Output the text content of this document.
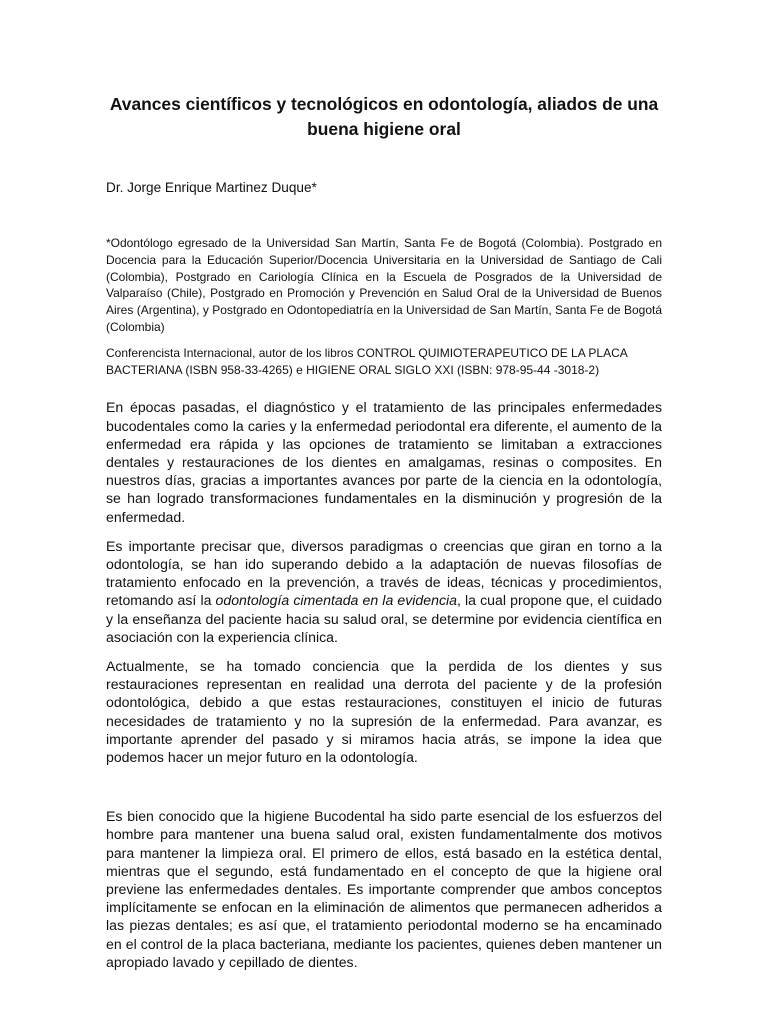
Avances científicos y tecnológicos en odontología, aliados de una buena higiene oral

Dr. Jorge Enrique Martinez Duque*

*Odontólogo egresado de la Universidad San Martín, Santa Fe de Bogotá (Colombia). Postgrado en Docencia para la Educación Superior/Docencia Universitaria en la Universidad de Santiago de Cali (Colombia), Postgrado en Cariología Clínica en la Escuela de Posgrados de la Universidad de Valparaíso (Chile), Postgrado en Promoción y Prevención en Salud Oral de la Universidad de Buenos Aires (Argentina), y Postgrado en Odontopediatría en la Universidad de San Martín, Santa Fe de Bogotá (Colombia)

Conferencista Internacional, autor de los libros CONTROL QUIMIOTERAPEUTICO DE LA PLACA BACTERIANA (ISBN 958-33-4265) e HIGIENE ORAL SIGLO XXI (ISBN: 978-95-44 -3018-2)

En épocas pasadas, el diagnóstico y el tratamiento de las principales enfermedades bucodentales como la caries y la enfermedad periodontal era diferente, el aumento de la enfermedad era rápida y las opciones de tratamiento se limitaban a extracciones dentales y restauraciones de los dientes en amalgamas, resinas o composites. En nuestros días, gracias a importantes avances por parte de la ciencia en la odontología, se han logrado transformaciones fundamentales en la disminución y progresión de la enfermedad.

Es importante precisar que, diversos paradigmas o creencias que giran en torno a la odontología, se han ido superando debido a la adaptación de nuevas filosofías de tratamiento enfocado en la prevención, a través de ideas, técnicas y procedimientos, retomando así la odontología cimentada en la evidencia, la cual propone que, el cuidado y la enseñanza del paciente hacia su salud oral, se determine por evidencia científica en asociación con la experiencia clínica.

Actualmente, se ha tomado conciencia que la perdida de los dientes y sus restauraciones representan en realidad una derrota del paciente y de la profesión odontológica, debido a que estas restauraciones, constituyen el inicio de futuras necesidades de tratamiento y no la supresión de la enfermedad. Para avanzar, es importante aprender del pasado y si miramos hacia atrás, se impone la idea que podemos hacer un mejor futuro en la odontología.

Es bien conocido que la higiene Bucodental ha sido parte esencial de los esfuerzos del hombre para mantener una buena salud oral, existen fundamentalmente dos motivos para mantener la limpieza oral. El primero de ellos, está basado en la estética dental, mientras que el segundo, está fundamentado en el concepto de que la higiene oral previene las enfermedades dentales. Es importante comprender que ambos conceptos implícitamente se enfocan en la eliminación de alimentos que permanecen adheridos a las piezas dentales; es así que, el tratamiento periodontal moderno se ha encaminado en el control de la placa bacteriana, mediante los pacientes, quienes deben mantener un apropiado lavado y cepillado de dientes.
